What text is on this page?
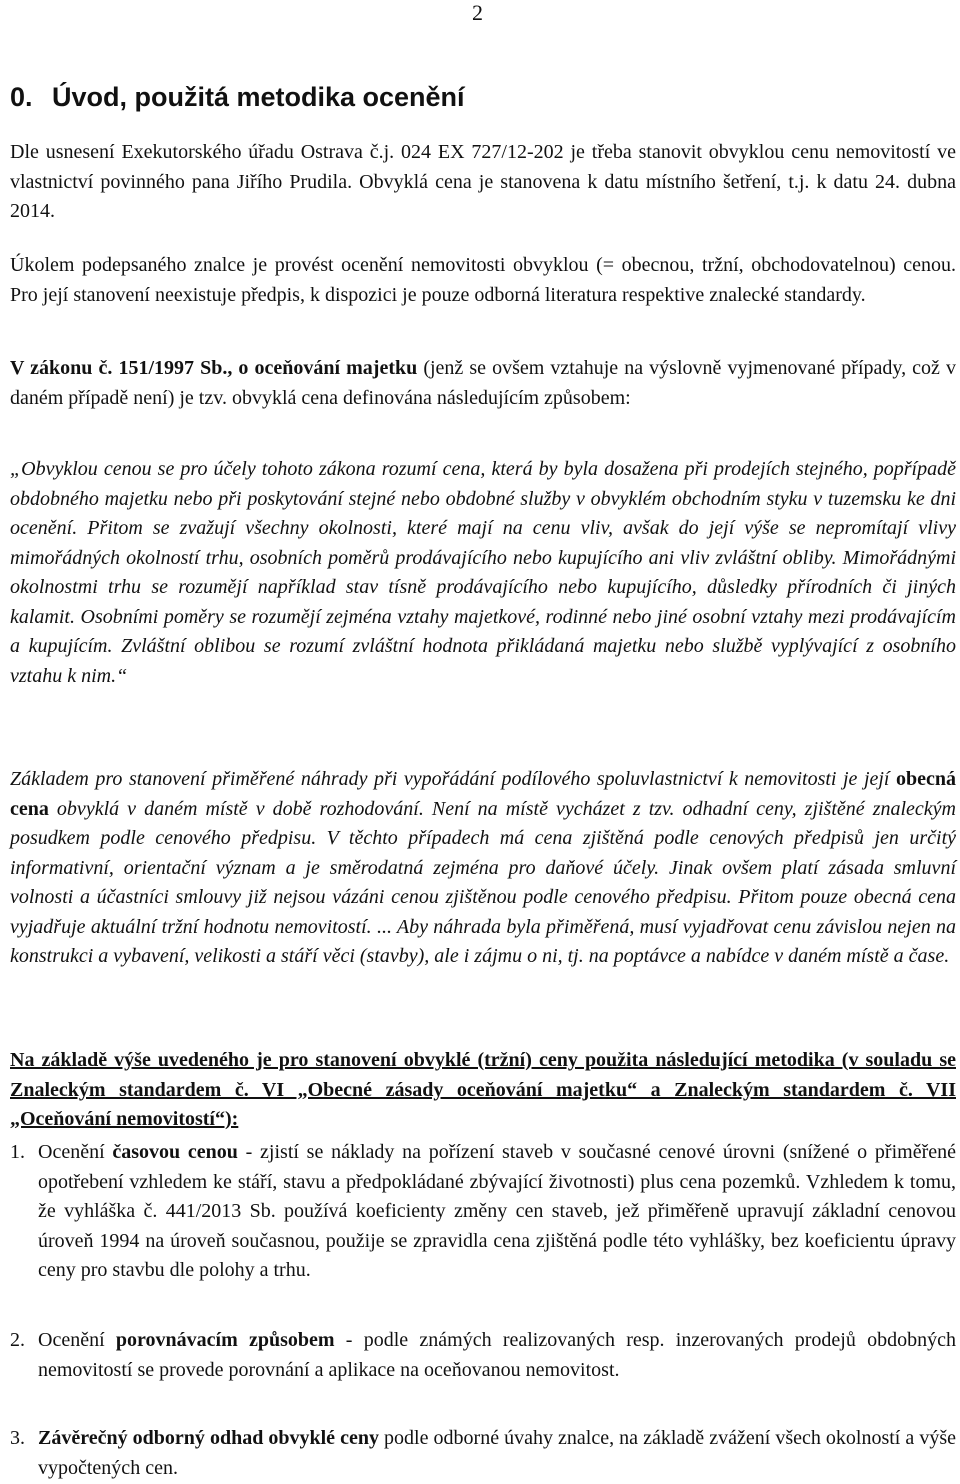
2
0. Úvod, použitá metodika ocenění

Dle usnesení Exekutorského úřadu Ostrava č.j. 024 EX 727/12-202 je třeba stanovit obvyklou cenu nemovitostí ve vlastnictví povinného pana Jiřího Prudila. Obvyklá cena je stanovena k datu místního šetření, t.j. k datu 24. dubna 2014.

Úkolem podepsaného znalce je provést ocenění nemovitosti obvyklou (= obecnou, tržní, obchodovatelnou) cenou. Pro její stanovení neexistuje předpis, k dispozici je pouze odborná literatura respektive znalecké standardy.

V zákonu č. 151/1997 Sb., o oceňování majetku (jenž se ovšem vztahuje na výslovně vyjmenované případy, což v daném případě není) je tzv. obvyklá cena definována následujícím způsobem:

„Obvyklou cenou se pro účely tohoto zákona rozumí cena, která by byla dosažena při prodejích stejného, popřípadě obdobného majetku nebo při poskytování stejné nebo obdobné služby v obvyklém obchodním styku v tuzemsku ke dni ocenění. Přitom se zvažují všechny okolnosti, které mají na cenu vliv, avšak do její výše se nepromítají vlivy mimořádných okolností trhu, osobních poměrů prodávajícího nebo kupujícího ani vliv zvláštní obliby. Mimořádnými okolnostmi trhu se rozumějí například stav tísně prodávajícího nebo kupujícího, důsledky přírodních či jiných kalamit. Osobními poměry se rozumějí zejména vztahy majetkové, rodinné nebo jiné osobní vztahy mezi prodávajícím a kupujícím. Zvláštní oblibou se rozumí zvláštní hodnota přikládaná majetku nebo službě vyplývající z osobního vztahu k nim.“

Základem pro stanovení přiměřené náhrady při vypořádání podílového spoluvlastnictví k nemovitosti je její obecná cena obvyklá v daném místě v době rozhodování. Není na místě vycházet z tzv. odhadní ceny, zjištěné znaleckým posudkem podle cenového předpisu. V těchto případech má cena zjištěná podle cenových předpisů jen určitý informativní, orientační význam a je směrodatná zejména pro daňové účely. Jinak ovšem platí zásada smluvní volnosti a účastníci smlouvy již nejsou vázáni cenou zjištěnou podle cenového předpisu. Přitom pouze obecná cena vyjadřuje aktuální tržní hodnotu nemovitostí. ... Aby náhrada byla přiměřená, musí vyjadřovat cenu závislou nejen na konstrukci a vybavení, velikosti a stáří věci (stavby), ale i zájmu o ni, tj. na poptávce a nabídce v daném místě a čase.

Na základě výše uvedeného je pro stanovení obvyklé (tržní) ceny použita následující metodika (v souladu se Znaleckým standardem č. VI „Obecné zásady oceňování majetku“ a Znaleckým standardem č. VII „Oceňování nemovitostí“):

1. Ocenění časovou cenou - zjistí se náklady na pořízení staveb v současné cenové úrovni (snížené o přiměřené opotřebení vzhledem ke stáří, stavu a předpokládané zbývající životnosti) plus cena pozemků. Vzhledem k tomu, že vyhláška č. 441/2013 Sb. používá koeficienty změny cen staveb, jež přiměřeně upravují základní cenovou úroveň 1994 na úroveň současnou, použije se zpravidla cena zjištěná podle této vyhlášky, bez koeficientu úpravy ceny pro stavbu dle polohy a trhu.
2. Ocenění porovnávacím způsobem - podle známých realizovaných resp. inzerovaných prodejů obdobných nemovitostí se provede porovnání a aplikace na oceňovanou nemovitost.
3. Závěrečný odborný odhad obvyklé ceny podle odborné úvahy znalce, na základě zvážení všech okolností a výše vypočtených cen.
